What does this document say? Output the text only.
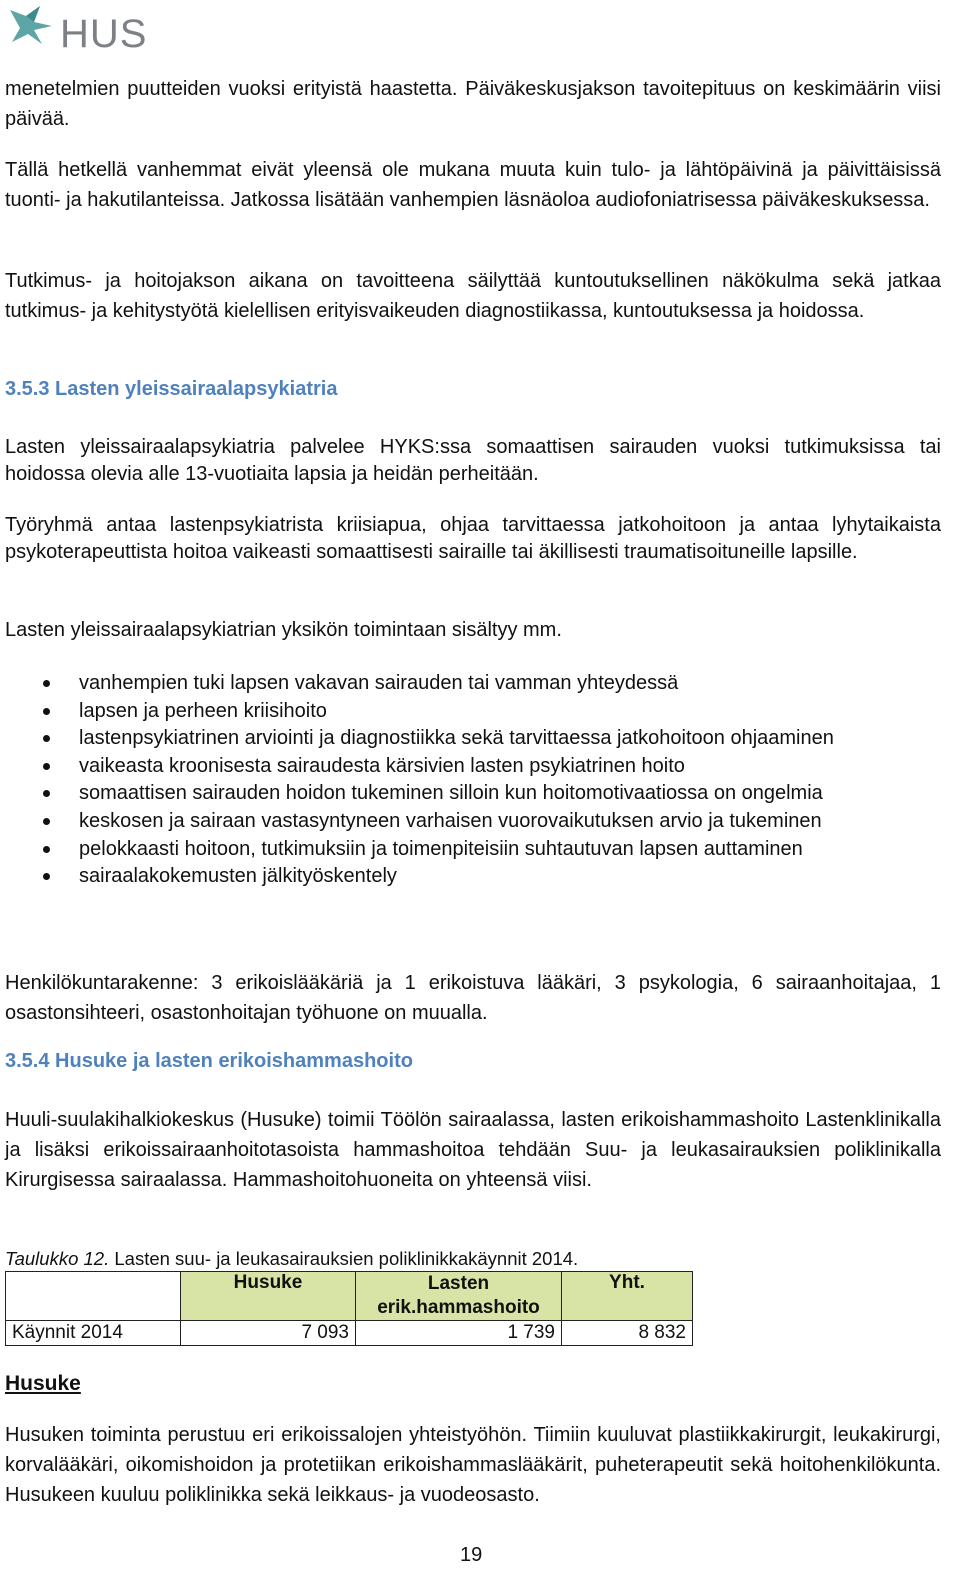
HUS

menetelmien puutteiden vuoksi erityistä haastetta. Päiväkeskusjakson tavoitepituus on keskimäärin viisi päivää.

Tällä hetkellä vanhemmat eivät yleensä ole mukana muuta kuin tulo- ja lähtöpäivinä ja päivittäisissä tuonti- ja hakutilanteissa. Jatkossa lisätään vanhempien läsnäoloa audiofoniatrisessa päiväkeskuksessa.

Tutkimus- ja hoitojakson aikana on tavoitteena säilyttää kuntoutuksellinen näkökulma sekä jatkaa tutkimus- ja kehitystyötä kielellisen erityisvaikeuden diagnostiikassa, kuntoutuksessa ja hoidossa.

3.5.3 Lasten yleissairaalapsykiatria

Lasten yleissairaalapsykiatria palvelee HYKS:ssa somaattisen sairauden vuoksi tutkimuksissa tai hoidossa olevia alle 13-vuotiaita lapsia ja heidän perheitään.

Työryhmä antaa lastenpsykiatrista kriisiapua, ohjaa tarvittaessa jatkohoitoon ja antaa lyhytaikaista psykoterapeuttista hoitoa vaikeasti somaattisesti sairaille tai äkillisesti traumatisoituneille lapsille.

Lasten yleissairaalapsykiatrian yksikön toimintaan sisältyy mm.

vanhempien tuki lapsen vakavan sairauden tai vamman yhteydessä
lapsen ja perheen kriisihoito
lastenpsykiatrinen arviointi ja diagnostiikka sekä tarvittaessa jatkohoitoon ohjaaminen
vaikeasta kroonisesta sairaudesta kärsivien lasten psykiatrinen hoito
somaattisen sairauden hoidon tukeminen silloin kun hoitomotivaatiossa on ongelmia
keskosen ja sairaan vastasyntyneen varhaisen vuorovaikutuksen arvio ja tukeminen
pelokkaasti hoitoon, tutkimuksiin ja toimenpiteisiin suhtautuvan lapsen auttaminen
sairaalakokemusten jälkityöskentely

Henkilökuntarakenne: 3 erikoislääkäriä ja 1 erikoistuva lääkäri, 3 psykologia, 6 sairaanhoitajaa, 1 osastonsihteeri, osastonhoitajan työhuone on muualla.

3.5.4 Husuke ja lasten erikoishammashoito

Huuli-suulakihalkiokeskus (Husuke) toimii Töölön sairaalassa, lasten erikoishammashoito Lastenklinikalla ja lisäksi erikoissairaanhoitotasoista hammashoitoa tehdään Suu- ja leukasairauksien poliklinikalla Kirurgisessa sairaalassa. Hammashoitohuoneita on yhteensä viisi.

Taulukko 12. Lasten suu- ja leukasairauksien poliklinikkakäynnit 2014.
	Husuke	Lasten erik.hammashoito	Yht.
Käynnit 2014	7 093	1 739	8 832
Husuke

Husuken toiminta perustuu eri erikoissalojen yhteistyöhön. Tiimiin kuuluvat plastiikkakirurgit, leukakirurgi, korvalääkäri, oikomishoidon ja protetiikan erikoishammaslääkärit, puheterapeutit sekä hoitohenkilökunta. Husukeen kuuluu poliklinikka sekä leikkaus- ja vuodeosasto.

19
